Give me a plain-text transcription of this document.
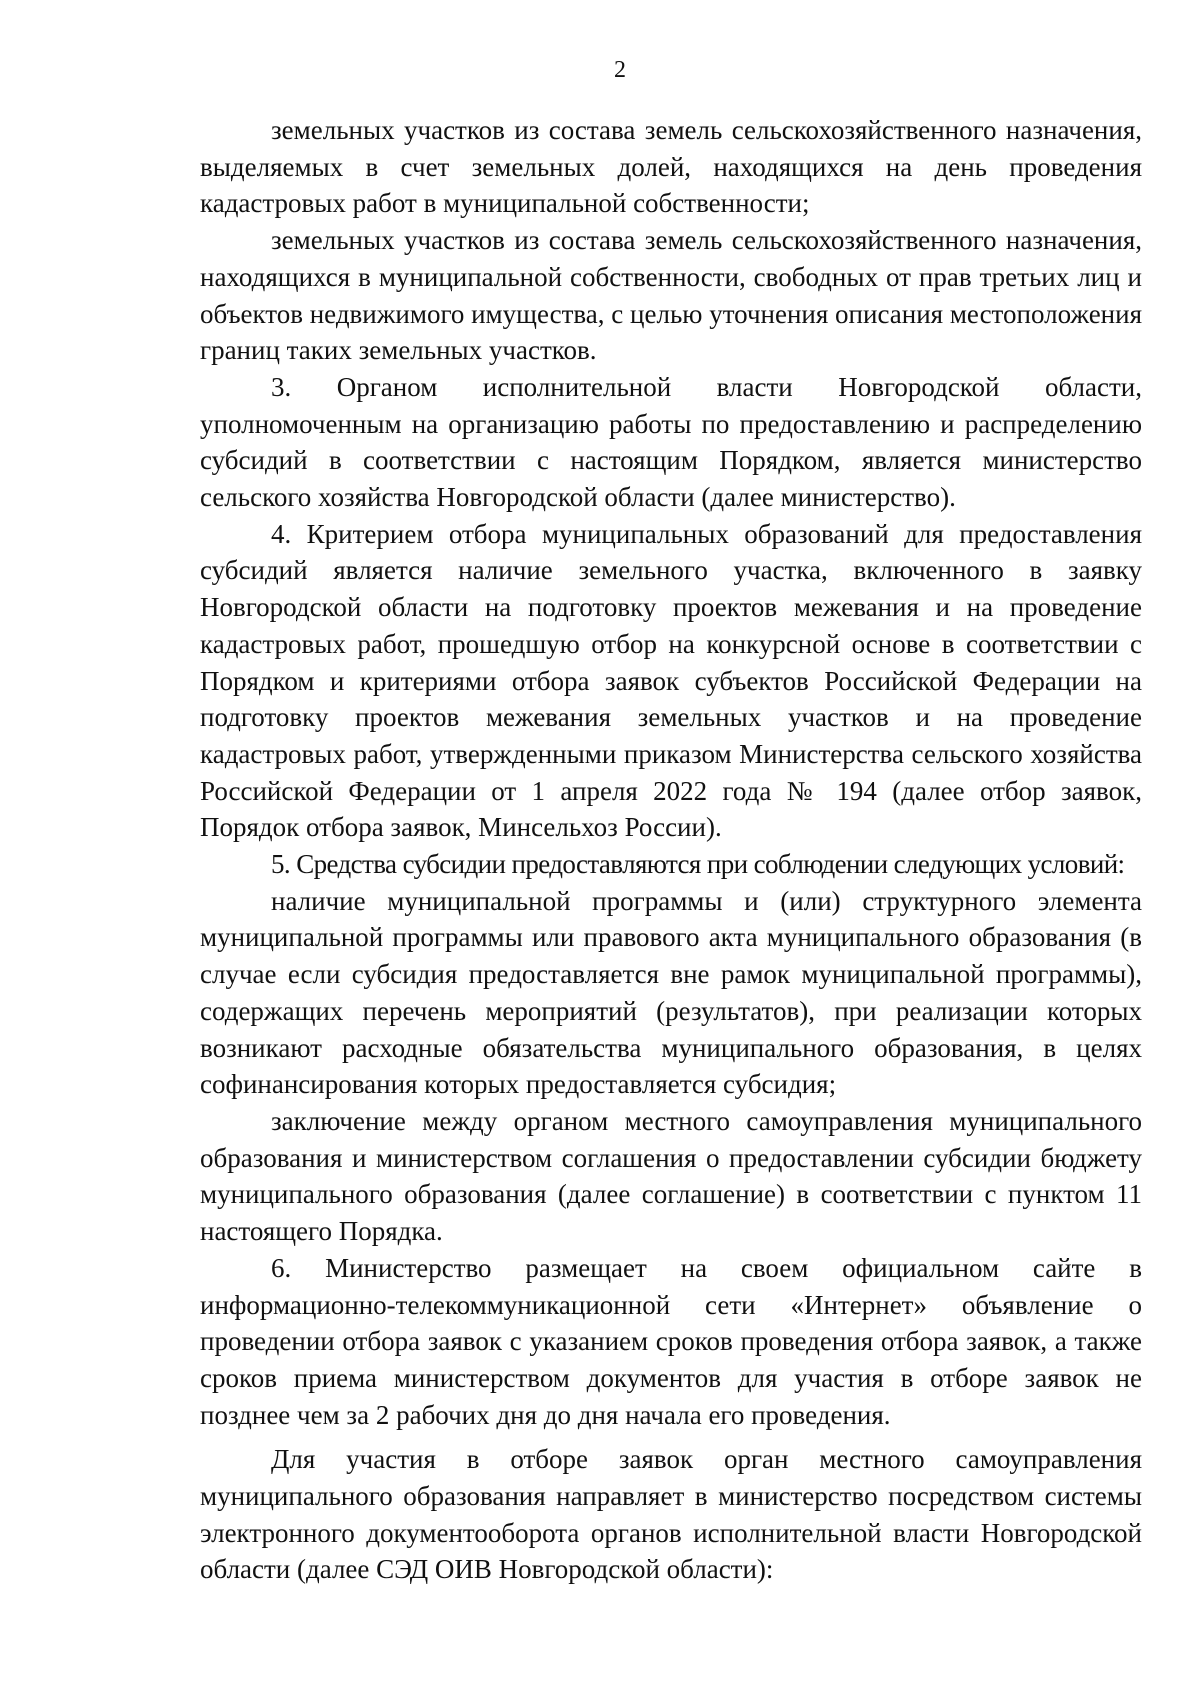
2

земельных участков из состава земель сельскохозяйственного назначения, выделяемых в счет земельных долей, находящихся на день проведения кадастровых работ в муниципальной собственности;

земельных участков из состава земель сельскохозяйственного назначения, находящихся в муниципальной собственности, свободных от прав третьих лиц и объектов недвижимого имущества, с целью уточнения описания местоположения границ таких земельных участков.

3. Органом исполнительной власти Новгородской области, уполномоченным на организацию работы по предоставлению и распределению субсидий в соответствии с настоящим Порядком, является министерство сельского хозяйства Новгородской области (далее министерство).

4. Критерием отбора муниципальных образований для предоставления субсидий является наличие земельного участка, включенного в заявку Новгородской области на подготовку проектов межевания и на проведение кадастровых работ, прошедшую отбор на конкурсной основе в соответствии с Порядком и критериями отбора заявок субъектов Российской Федерации на подготовку проектов межевания земельных участков и на проведение кадастровых работ, утвержденными приказом Министерства сельского хозяйства Российской Федерации от 1 апреля 2022 года № 194 (далее отбор заявок, Порядок отбора заявок, Минсельхоз России).

5. Средства субсидии предоставляются при соблюдении следующих условий:

наличие муниципальной программы и (или) структурного элемента муниципальной программы или правового акта муниципального образования (в случае если субсидия предоставляется вне рамок муниципальной программы), содержащих перечень мероприятий (результатов), при реализации которых возникают расходные обязательства муниципального образования, в целях софинансирования которых предоставляется субсидия;

заключение между органом местного самоуправления муниципального образования и министерством соглашения о предоставлении субсидии бюджету муниципального образования (далее соглашение) в соответствии с пунктом 11 настоящего Порядка.

6. Министерство размещает на своем официальном сайте в информационно-телекоммуникационной сети «Интернет» объявление о проведении отбора заявок с указанием сроков проведения отбора заявок, а также сроков приема министерством документов для участия в отборе заявок не позднее чем за 2 рабочих дня до дня начала его проведения.

Для участия в отборе заявок орган местного самоуправления муниципального образования направляет в министерство посредством системы электронного документооборота органов исполнительной власти Новгородской области (далее СЭД ОИВ Новгородской области):
